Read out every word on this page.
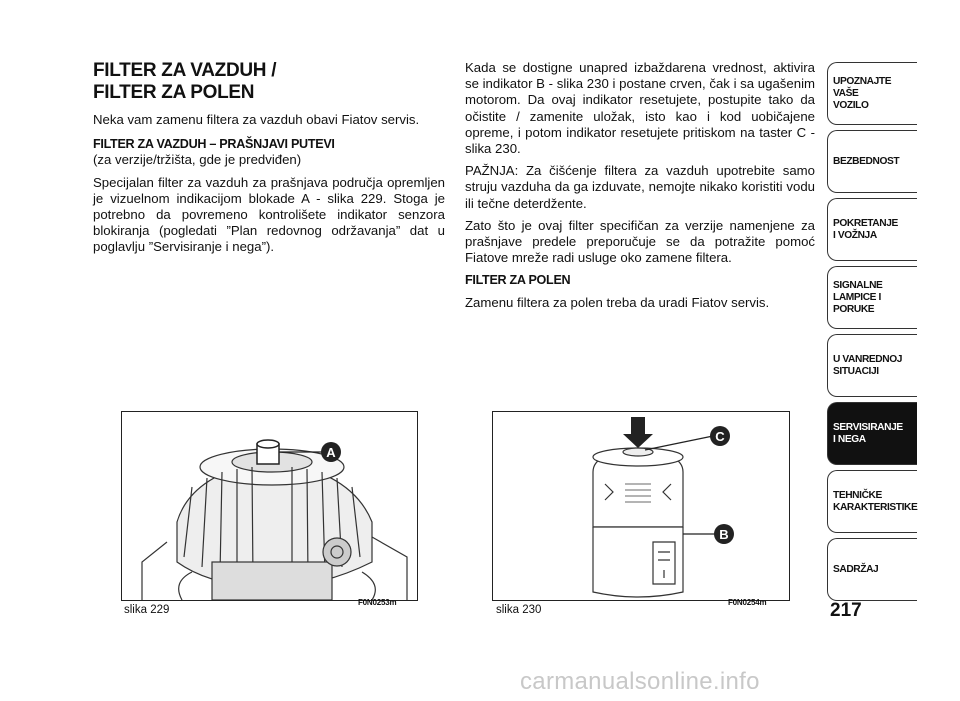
FILTER ZA VAZDUH /
FILTER ZA POLEN

Neka vam zamenu filtera za vazduh obavi Fiatov servis.

FILTER ZA VAZDUH – PRAŠNJAVI PUTEVI

(za verzije/tržišta, gde je predviđen)

Specijalan filter za vazduh za prašnjava područja opremljen je vizuelnom indikacijom blokade A - slika 229. Stoga je potrebno da povremeno kontrolišete indikator senzora blokiranja (pogledati ”Plan redovnog održavanja” dat u poglavlju ”Servisiranje i nega”).

Kada se dostigne unapred izbaždarena vrednost, aktivira se indikator B - slika 230 i postane crven, čak i sa ugašenim motorom. Da ovaj indikator resetujete, postupite tako da očistite / zamenite uložak, isto kao i kod uobičajene opreme, i potom indikator resetujete pritiskom na taster C - slika 230.

PAŽNJA: Za čišćenje filtera za vazduh upotrebite samo struju vazduha da ga izduvate, nemojte nikako koristiti vodu ili tečne deterdžente.

Zato što je ovaj filter specifičan za verzije namenjene za prašnjave predele preporučuje se da potražite pomoć Fiatove mreže radi usluge oko zamene filtera.

FILTER ZA POLEN

Zamenu filtera za polen treba da uradi Fiatov servis.

A
slika 229
F0N0253m
C
B
slika 230
F0N0254m
UPOZNAJTE
VAŠE
VOZILO
BEZBEDNOST
POKRETANJE
I VOŽNJA
SIGNALNE
LAMPICE I PORUKE
U VANREDNOJ
SITUACIJI
SERVISIRANJE
I NEGA
TEHNIČKE
KARAKTERISTIKE
SADRŽAJ
217
carmanualsonline.info
